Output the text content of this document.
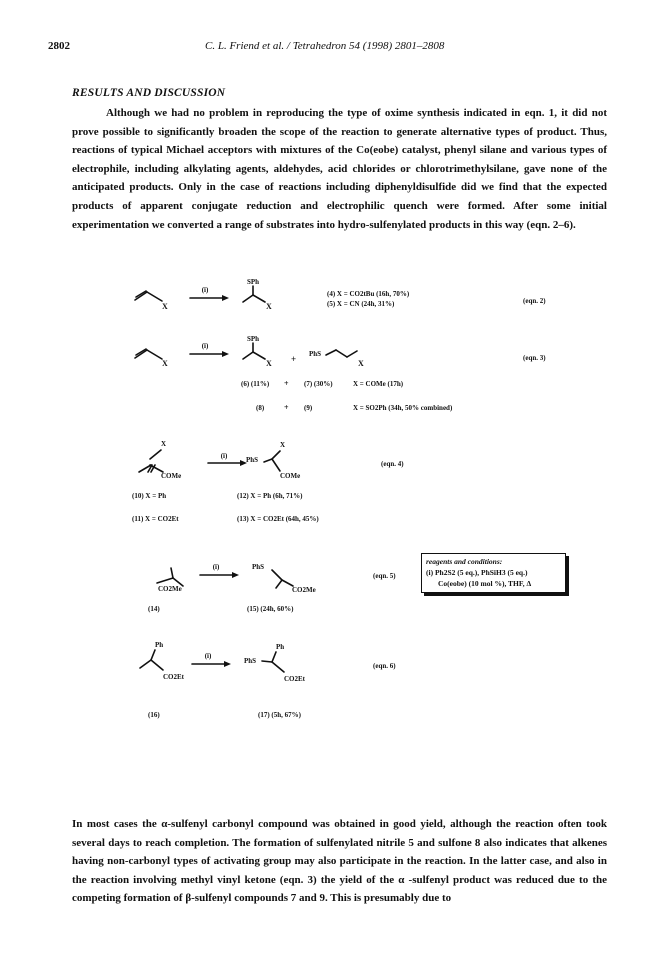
2802	C. L. Friend et al. / Tetrahedron 54 (1998) 2801–2808
RESULTS AND DISCUSSION

Although we had no problem in reproducing the type of oxime synthesis indicated in eqn. 1, it did not prove possible to significantly broaden the scope of the reaction to generate alternative types of product. Thus, reactions of typical Michael acceptors with mixtures of the Co(eobe) catalyst, phenyl silane and various types of electrophile, including alkylating agents, aldehydes, acid chlorides or chlorotrimethylsilane, gave none of the anticipated products. Only in the case of reactions including diphenyldisulfide did we find that the expected products of apparent conjugate reduction and electrophilic quench were formed. After some initial experimentation we converted a range of substrates into hydro-sulfenylated products in this way (eqn. 2–6).

X
(i)
SPh
X
(4) X = CO2tBu (16h, 70%)
(5) X = CN (24h, 31%)	(eqn. 2)
X
(i)
SPh
X + PhS
X
(eqn. 3)
(6) (11%) + (7) (30%)	X = COMe (17h)
(8) + (9)	X = SO2Ph (34h, 50% combined)
X
COMe
(i)
X
PhS
COMe
(eqn. 4)
(10) X = Ph
(11) X = CO2Et
(12) X = Ph (6h, 71%)
(13) X = CO2Et (64h, 45%)
(i)
CO2Me
PhS
CO2Me
(eqn. 5)
(14)	(15) (24h, 60%)
Ph
CO2Et
(i)
Ph
PhS
CO2Et
(eqn. 6)
(16)	(17) (5h, 67%)
reagents and conditions:
(i) Ph2S2 (5 eq.), PhSiH3 (5 eq.)
Co(eobe) (10 mol %), THF, Δ

In most cases the α-sulfenyl carbonyl compound was obtained in good yield, although the reaction often took several days to reach completion. The formation of sulfenylated nitrile 5 and sulfone 8 also indicates that alkenes having non-carbonyl types of activating group may also participate in the reaction. In the latter case, and also in the reaction involving methyl vinyl ketone (eqn. 3) the yield of the α -sulfenyl product was reduced due to the competing formation of β-sulfenyl compounds 7 and 9. This is presumably due to
